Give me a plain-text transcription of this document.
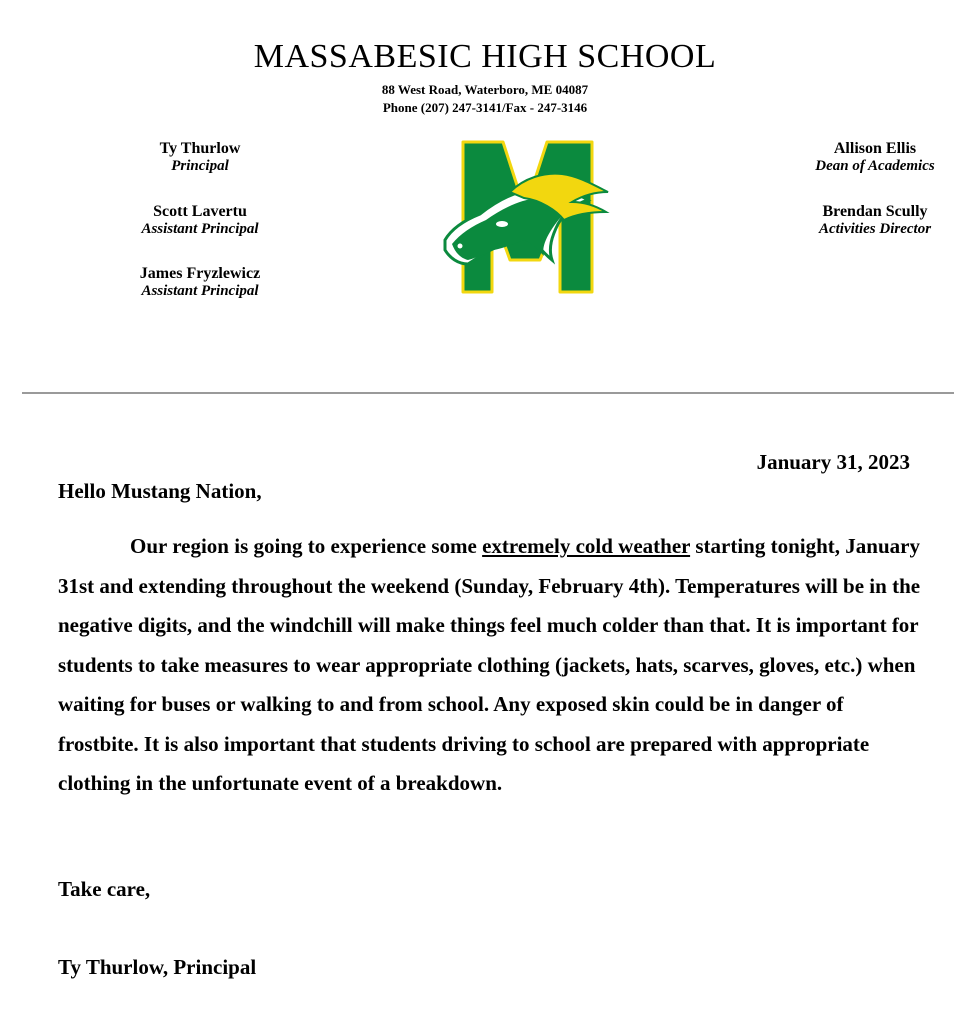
MASSABESIC HIGH SCHOOL
88 West Road, Waterboro, ME 04087
Phone (207) 247-3141/Fax - 247-3146
Ty Thurlow
Principal
Scott Lavertu
Assistant Principal
James Fryzlewicz
Assistant Principal
Allison Ellis
Dean of Academics
Brendan Scully
Activities Director
January 31, 2023
Hello Mustang Nation,
Our region is going to experience some extremely cold weather starting tonight, January 31st and extending throughout the weekend (Sunday, February 4th). Temperatures will be in the negative digits, and the windchill will make things feel much colder than that. It is important for students to take measures to wear appropriate clothing (jackets, hats, scarves, gloves, etc.) when waiting for buses or walking to and from school. Any exposed skin could be in danger of frostbite. It is also important that students driving to school are prepared with appropriate clothing in the unfortunate event of a breakdown.
Take care,
Ty Thurlow, Principal
